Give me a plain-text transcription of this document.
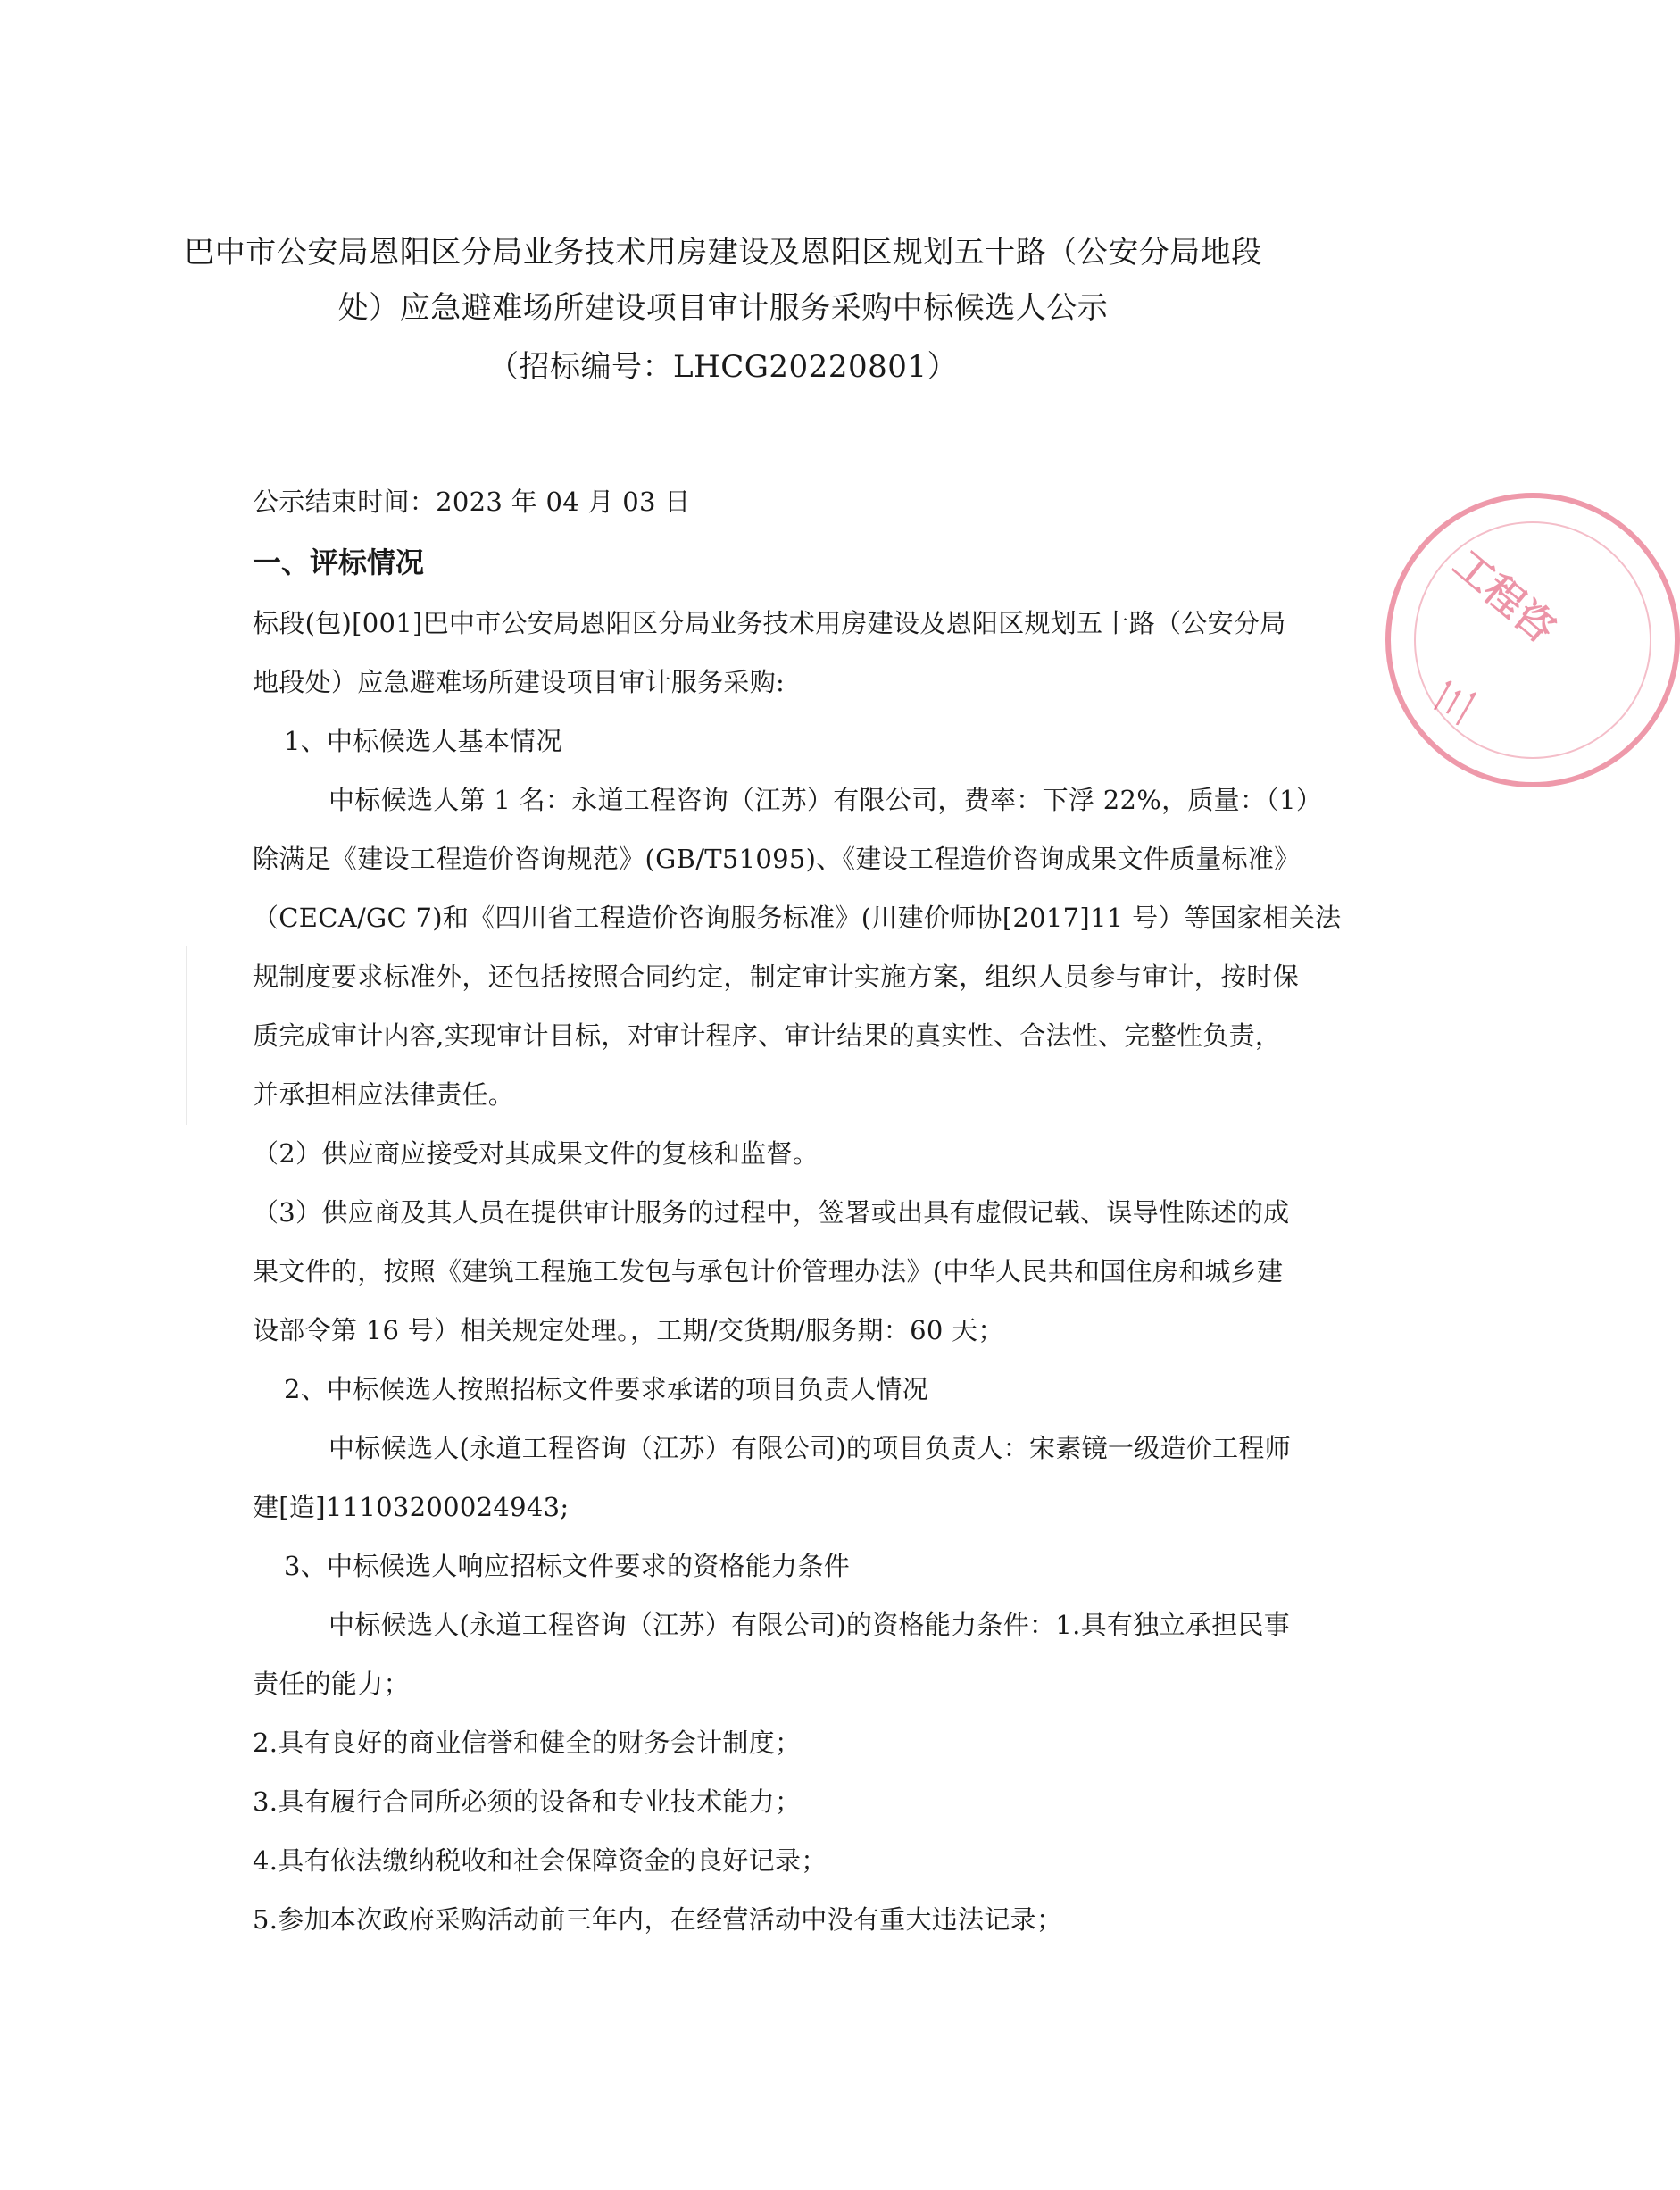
巴中市公安局恩阳区分局业务技术用房建设及恩阳区规划五十路（公安分局地段
处）应急避难场所建设项目审计服务采购中标候选人公示
（招标编号：LHCG20220801）
公示结束时间：2023 年 04 月 03 日
一、评标情况
标段(包)[001]巴中市公安局恩阳区分局业务技术用房建设及恩阳区规划五十路（公安分局
地段处）应急避难场所建设项目审计服务采购:
1、中标候选人基本情况
中标候选人第 1 名：永道工程咨询（江苏）有限公司，费率：下浮 22%，质量：（1）
除满足《建设工程造价咨询规范》(GB/T51095)、《建设工程造价咨询成果文件质量标准》
（CECA/GC 7)和《四川省工程造价咨询服务标准》(川建价师协[2017]11 号）等国家相关法
规制度要求标准外，还包括按照合同约定，制定审计实施方案，组织人员参与审计，按时保
质完成审计内容,实现审计目标，对审计程序、审计结果的真实性、合法性、完整性负责，
并承担相应法律责任。
（2）供应商应接受对其成果文件的复核和监督。
（3）供应商及其人员在提供审计服务的过程中，签署或出具有虚假记载、误导性陈述的成
果文件的，按照《建筑工程施工发包与承包计价管理办法》(中华人民共和国住房和城乡建
设部令第 16 号）相关规定处理。，工期/交货期/服务期：60 天；
2、中标候选人按照招标文件要求承诺的项目负责人情况
中标候选人(永道工程咨询（江苏）有限公司)的项目负责人：宋素镜一级造价工程师
建[造]11103200024943;
3、中标候选人响应招标文件要求的资格能力条件
中标候选人(永道工程咨询（江苏）有限公司)的资格能力条件：1.具有独立承担民事
责任的能力；
2.具有良好的商业信誉和健全的财务会计制度；
3.具有履行合同所必须的设备和专业技术能力；
4.具有依法缴纳税收和社会保障资金的良好记录；
5.参加本次政府采购活动前三年内，在经营活动中没有重大违法记录；
工程咨
三
